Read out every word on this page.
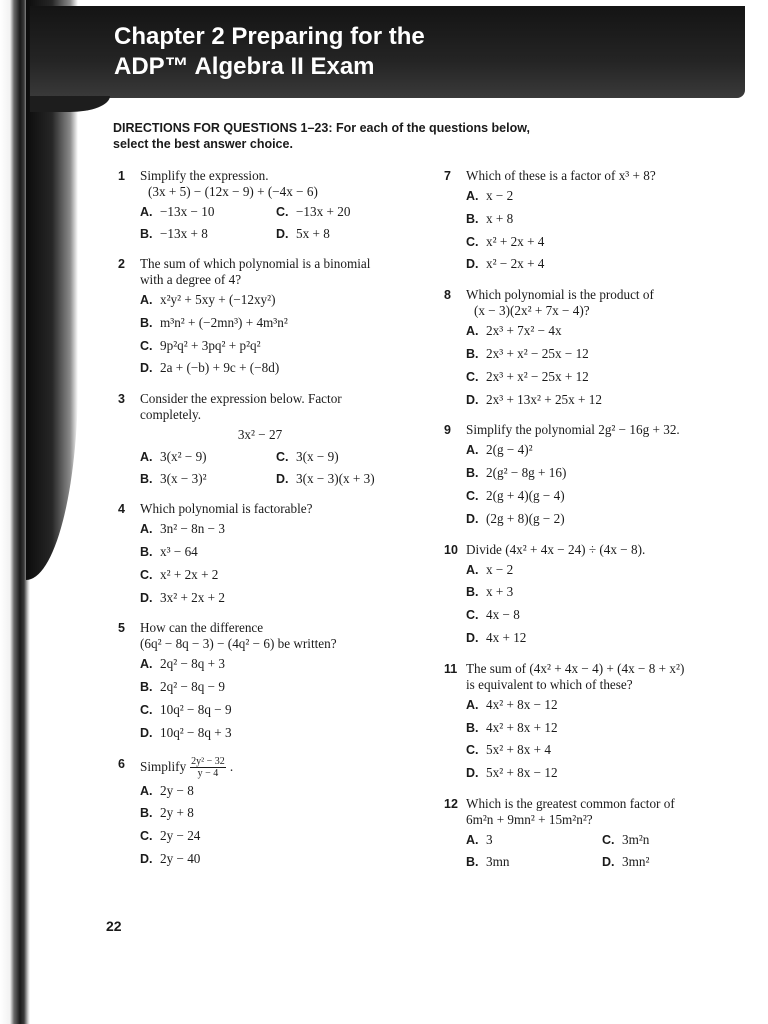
Chapter 2 Preparing for the
ADP™ Algebra II Exam
DIRECTIONS FOR QUESTIONS 1–23: For each of the questions below,
select the best answer choice.
1 Simplify the expression.
(3x + 5) − (12x − 9) + (−4x − 6)
A. −13x − 10	C. −13x + 20
B. −13x + 8	D. 5x + 8
2 The sum of which polynomial is a binomial
with a degree of 4?
A. x²y² + 5xy + (−12xy²)
B. m³n² + (−2mn³) + 4m³n²
C. 9p²q² + 3pq² + p²q²
D. 2a + (−b) + 9c + (−8d)
3 Consider the expression below. Factor
completely.
3x² − 27
A. 3(x² − 9)	C. 3(x − 9)
B. 3(x − 3)²	D. 3(x − 3)(x + 3)
4 Which polynomial is factorable?
A. 3n² − 8n − 3
B. x³ − 64
C. x² + 2x + 2
D. 3x² + 2x + 2
5 How can the difference
(6q² − 8q − 3) − (4q² − 6) be written?
A. 2q² − 8q + 3
B. 2q² − 8q − 9
C. 10q² − 8q − 9
D. 10q² − 8q + 3
6 Simplify $\frac{\text{2y² − 32}}{y - 4}$ .
A. 2y − 8
B. 2y + 8
C. 2y − 24
D. 2y − 40
7 Which of these is a factor of x³ + 8?
A. x − 2
B. x + 8
C. x² + 2x + 4
D. x² − 2x + 4
8 Which polynomial is the product of
(x − 3)(2x² + 7x − 4)?
A. 2x³ + 7x² − 4x
B. 2x³ + x² − 25x − 12
C. 2x³ + x² − 25x + 12
D. 2x³ + 13x² + 25x + 12
9 Simplify the polynomial 2g² − 16g + 32.
A. 2(g − 4)²
B. 2(g² − 8g + 16)
C. 2(g + 4)(g − 4)
D. (2g + 8)(g − 2)
10 Divide (4x² + 4x − 24) ÷ (4x − 8).
A. x − 2
B. x + 3
C. 4x − 8
D. 4x + 12
11 The sum of (4x² + 4x − 4) + (4x − 8 + x²)
is equivalent to which of these?
A. 4x² + 8x − 12
B. 4x² + 8x + 12
C. 5x² + 8x + 4
D. 5x² + 8x − 12
12 Which is the greatest common factor of
6m²n + 9mn² + 15m²n²?
A. 3	C. 3m²n
B. 3mn	D. 3mn²
22
